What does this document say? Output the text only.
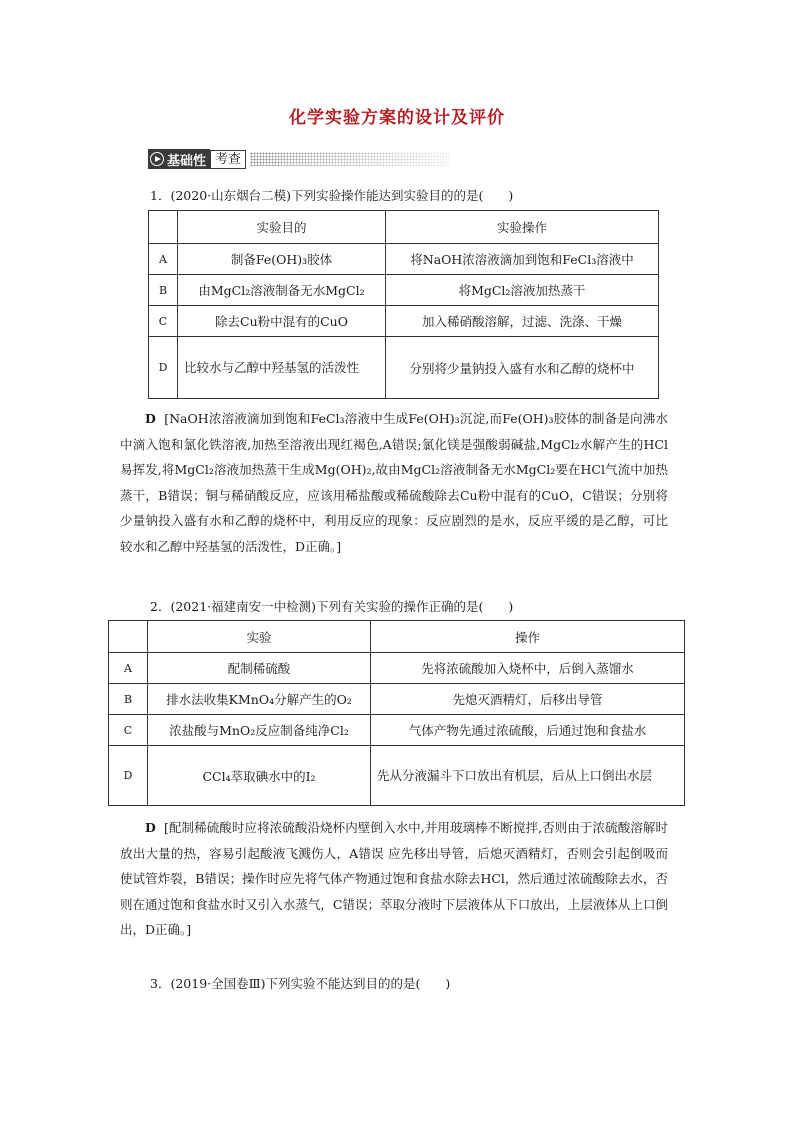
化学实验方案的设计及评价
基础性 考查
1．(2020·山东烟台二模)下列实验操作能达到实验目的的是(　　)
	实验目的	实验操作
A	制备Fe(OH)₃胶体	将NaOH浓溶液滴加到饱和FeCl₃溶液中
B	由MgCl₂溶液制备无水MgCl₂	将MgCl₂溶液加热蒸干
C	除去Cu粉中混有的CuO	加入稀硝酸溶解，过滤、洗涤、干燥
D	比较水与乙醇中羟基氢的活泼性	分别将少量钠投入盛有水和乙醇的烧杯中
D [NaOH浓溶液滴加到饱和FeCl₃溶液中生成Fe(OH)₃沉淀,而Fe(OH)₃胶体的制备是向沸水中滴入饱和氯化铁溶液,加热至溶液出现红褐色,A错误;氯化镁是强酸弱碱盐,MgCl₂水解产生的HCl易挥发,将MgCl₂溶液加热蒸干生成Mg(OH)₂,故由MgCl₂溶液制备无水MgCl₂要在HCl气流中加热蒸干，B错误；铜与稀硝酸反应，应该用稀盐酸或稀硫酸除去Cu粉中混有的CuO，C错误；分别将少量钠投入盛有水和乙醇的烧杯中，利用反应的现象：反应剧烈的是水，反应平缓的是乙醇，可比较水和乙醇中羟基氢的活泼性，D正确。]
2．(2021·福建南安一中检测)下列有关实验的操作正确的是(　　)
	实验	操作
A	配制稀硫酸	先将浓硫酸加入烧杯中，后倒入蒸馏水
B	排水法收集KMnO₄分解产生的O₂	先熄灭酒精灯，后移出导管
C	浓盐酸与MnO₂反应制备纯净Cl₂	气体产物先通过浓硫酸，后通过饱和食盐水
D	CCl₄萃取碘水中的I₂	先从分液漏斗下口放出有机层，后从上口倒出水层
D [配制稀硫酸时应将浓硫酸沿烧杯内壁倒入水中,并用玻璃棒不断搅拌,否则由于浓硫酸溶解时放出大量的热，容易引起酸液飞溅伤人，A错误 应先移出导管，后熄灭酒精灯，否则会引起倒吸而使试管炸裂，B错误；操作时应先将气体产物通过饱和食盐水除去HCl，然后通过浓硫酸除去水，否则在通过饱和食盐水时又引入水蒸气，C错误；萃取分液时下层液体从下口放出，上层液体从上口倒出，D正确。]
3．(2019·全国卷Ⅲ)下列实验不能达到目的的是(　　)
